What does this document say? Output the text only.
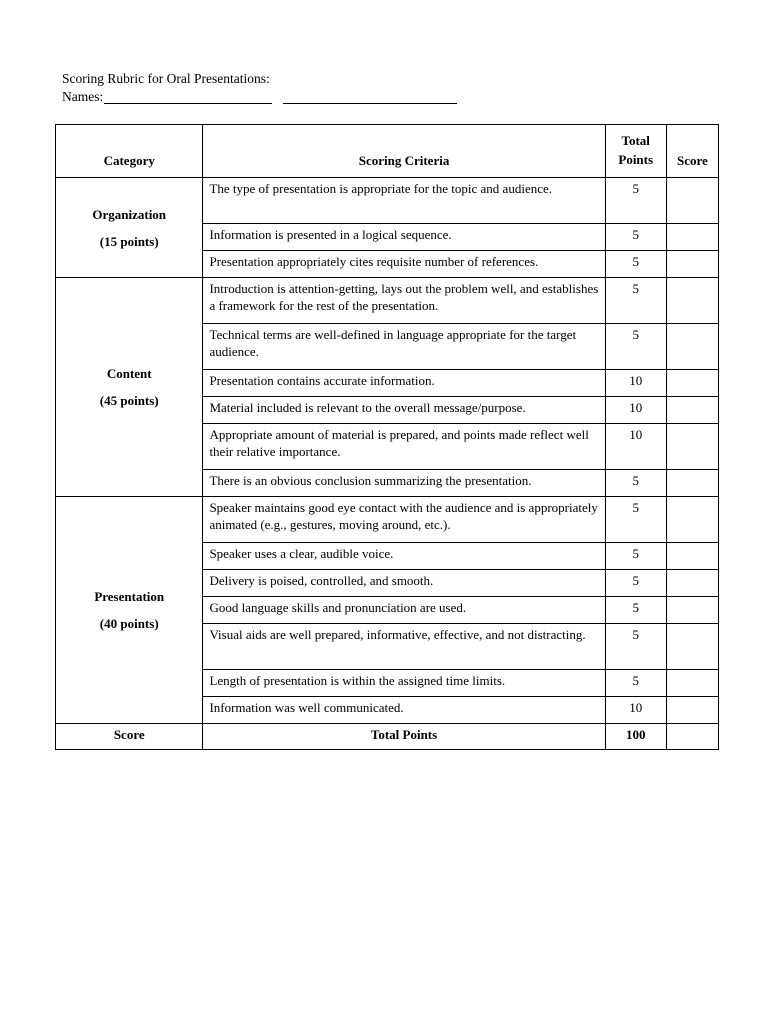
Scoring Rubric for Oral Presentations:
Names:
Category	Scoring Criteria	Total Points	Score

Organization
(15 points)	The type of presentation is appropriate for the topic and audience.	5	
	Information is presented in a logical sequence.	5	
	Presentation appropriately cites requisite number of references.	5	

Content
(45 points)	Introduction is attention-getting, lays out the problem well, and establishes a framework for the rest of the presentation.	5	
	Technical terms are well-defined in language appropriate for the target audience.	5	
	Presentation contains accurate information.	10	
	Material included is relevant to the overall message/purpose.	10	
	Appropriate amount of material is prepared, and points made reflect well their relative importance.	10	
	There is an obvious conclusion summarizing the presentation.	5	

Presentation
(40 points)	Speaker maintains good eye contact with the audience and is appropriately animated (e.g., gestures, moving around, etc.).	5	
	Speaker uses a clear, audible voice.	5	
	Delivery is poised, controlled, and smooth.	5	
	Good language skills and pronunciation are used.	5	
	Visual aids are well prepared, informative, effective, and not distracting.	5	
	Length of presentation is within the assigned time limits.	5	
	Information was well communicated.	10	
Score	Total Points	100	
